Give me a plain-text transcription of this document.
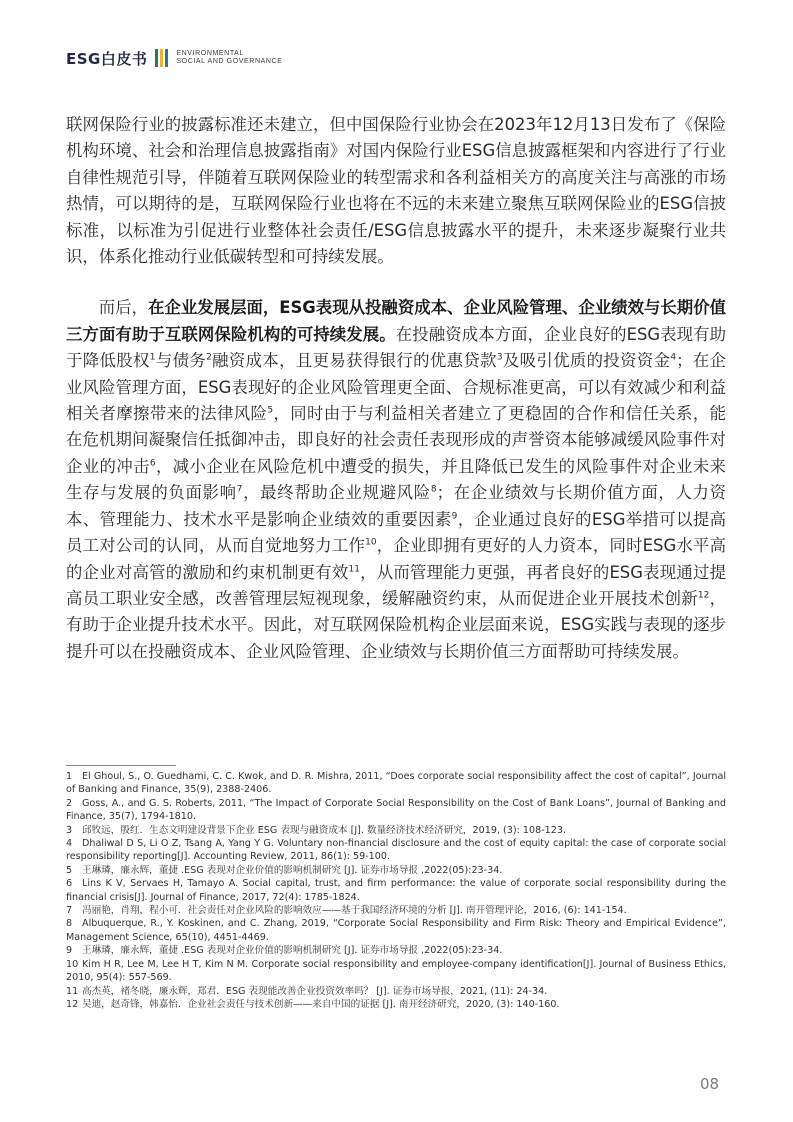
ESG白皮书	ENVIRONMENTAL
SOCIAL AND GOVERNANCE

联网保险行业的披露标准还未建立，但中国保险行业协会在2023年12月13日发布了《保险机构环境、社会和治理信息披露指南》对国内保险行业ESG信息披露框架和内容进行了行业自律性规范引导，伴随着互联网保险业的转型需求和各利益相关方的高度关注与高涨的市场热情，可以期待的是，互联网保险行业也将在不远的未来建立聚焦互联网保险业的ESG信披标准，以标准为引促进行业整体社会责任/ESG信息披露水平的提升，未来逐步凝聚行业共识，体系化推动行业低碳转型和可持续发展。

而后，在企业发展层面，ESG表现从投融资成本、企业风险管理、企业绩效与长期价值三方面有助于互联网保险机构的可持续发展。在投融资成本方面，企业良好的ESG表现有助于降低股权$^1$与债务$^2$融资成本，且更易获得银行的优惠贷款$^3$及吸引优质的投资资金$^4$；在企业风险管理方面，ESG表现好的企业风险管理更全面、合规标准更高，可以有效减少和利益相关者摩擦带来的法律风险$^5$，同时由于与利益相关者建立了更稳固的合作和信任关系，能在危机期间凝聚信任抵御冲击，即良好的社会责任表现形成的声誉资本能够减缓风险事件对企业的冲击$^6$，减小企业在风险危机中遭受的损失，并且降低已发生的风险事件对企业未来生存与发展的负面影响$^7$，最终帮助企业规避风险$^8$；在企业绩效与长期价值方面，人力资本、管理能力、技术水平是影响企业绩效的重要因素$^9$，企业通过良好的ESG举措可以提高员工对公司的认同，从而自觉地努力工作$^{10}$，企业即拥有更好的人力资本，同时ESG水平高的企业对高管的激励和约束机制更有效$^{11}$，从而管理能力更强，再者良好的ESG表现通过提高员工职业安全感，改善管理层短视现象，缓解融资约束，从而促进企业开展技术创新$^{12}$，有助于企业提升技术水平。因此，对互联网保险机构企业层面来说，ESG实践与表现的逐步提升可以在投融资成本、企业风险管理、企业绩效与长期价值三方面帮助可持续发展。

1 El Ghoul, S., O. Guedhami, C. C. Kwok, and D. R. Mishra, 2011, “Does corporate social responsibility affect the cost of capital”, Journal of Banking and Finance, 35(9), 2388-2406.

2 Goss, A., and G. S. Roberts, 2011, “The Impact of Corporate Social Responsibility on the Cost of Bank Loans”, Journal of Banking and Finance, 35(7), 1794-1810.

3 邱牧远，殷红．生态文明建设背景下企业 ESG 表现与融资成本 [J]. 数量经济技术经济研究，2019, (3): 108-123.

4 Dhaliwal D S, Li O Z, Tsang A, Yang Y G. Voluntary non-financial disclosure and the cost of equity capital: the case of corporate social responsibility reporting[J]. Accounting Review, 2011, 86(1): 59-100.

5 王琳璘，廉永辉，董捷 .ESG 表现对企业价值的影响机制研究 [J]. 证券市场导报 ,2022(05):23-34.

6 Lins K V, Servaes H, Tamayo A. Social capital, trust, and firm performance: the value of corporate social responsibility during the financial crisis[J]. Journal of Finance, 2017, 72(4): 1785-1824.

7 冯丽艳，肖翔，程小可．社会责任对企业风险的影响效应——基于我国经济环境的分析 [J]. 南开管理评论，2016, (6): 141-154.

8 Albuquerque, R., Y. Koskinen, and C. Zhang, 2019, “Corporate Social Responsibility and Firm Risk: Theory and Empirical Evidence”, Management Science, 65(10), 4451-4469.

9 王琳璘，廉永辉，董捷 .ESG 表现对企业价值的影响机制研究 [J]. 证券市场导报 ,2022(05):23-34.

10 Kim H R, Lee M, Lee H T, Kim N M. Corporate social responsibility and employee-company identification[J]. Journal of Business Ethics, 2010, 95(4): 557-569.

11 高杰英，褚冬晓，廉永辉，郑君．ESG 表现能改善企业投资效率吗？ [J]. 证券市场导报，2021, (11): 24-34.

12 吴迪，赵奇锋，韩嘉怡．企业社会责任与技术创新——来自中国的证据 [J]. 南开经济研究，2020, (3): 140-160.

08
